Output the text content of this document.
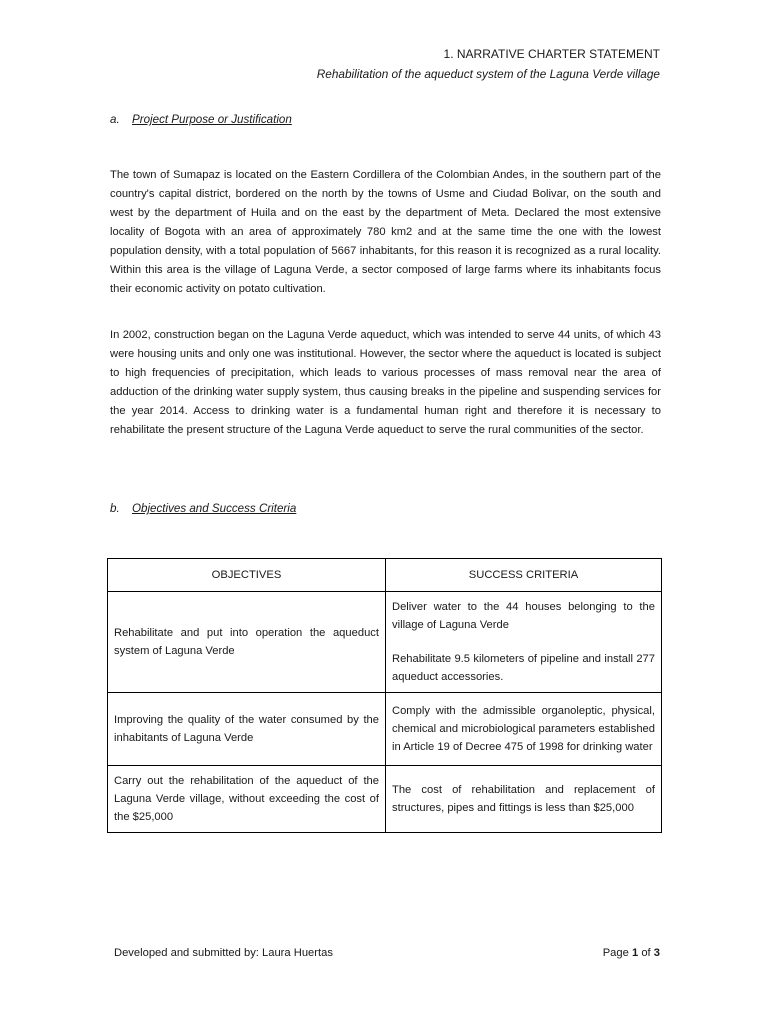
1. NARRATIVE CHARTER STATEMENT
Rehabilitation of the aqueduct system of the Laguna Verde village
a. Project Purpose or Justification

The town of Sumapaz is located on the Eastern Cordillera of the Colombian Andes, in the southern part of the country's capital district, bordered on the north by the towns of Usme and Ciudad Bolivar, on the south and west by the department of Huila and on the east by the department of Meta. Declared the most extensive locality of Bogota with an area of approximately 780 km2 and at the same time the one with the lowest population density, with a total population of 5667 inhabitants, for this reason it is recognized as a rural locality. Within this area is the village of Laguna Verde, a sector composed of large farms where its inhabitants focus their economic activity on potato cultivation.

In 2002, construction began on the Laguna Verde aqueduct, which was intended to serve 44 units, of which 43 were housing units and only one was institutional. However, the sector where the aqueduct is located is subject to high frequencies of precipitation, which leads to various processes of mass removal near the area of adduction of the drinking water supply system, thus causing breaks in the pipeline and suspending services for the year 2014. Access to drinking water is a fundamental human right and therefore it is necessary to rehabilitate the present structure of the Laguna Verde aqueduct to serve the rural communities of the sector.

b. Objectives and Success Criteria
OBJECTIVES	SUCCESS CRITERIA
Rehabilitate and put into operation the aqueduct system of Laguna Verde	Deliver water to the 44 houses belonging to the village of Laguna Verde

Rehabilitate 9.5 kilometers of pipeline and install 277 aqueduct accessories.

Improving the quality of the water consumed by the inhabitants of Laguna Verde	Comply with the admissible organoleptic, physical, chemical and microbiological parameters established in Article 19 of Decree 475 of 1998 for drinking water

Carry out the rehabilitation of the aqueduct of the Laguna Verde village, without exceeding the cost of the $25,000	The cost of rehabilitation and replacement of structures, pipes and fittings is less than $25,000

Developed and submitted by: Laura Huertas	Page 1 of 3
